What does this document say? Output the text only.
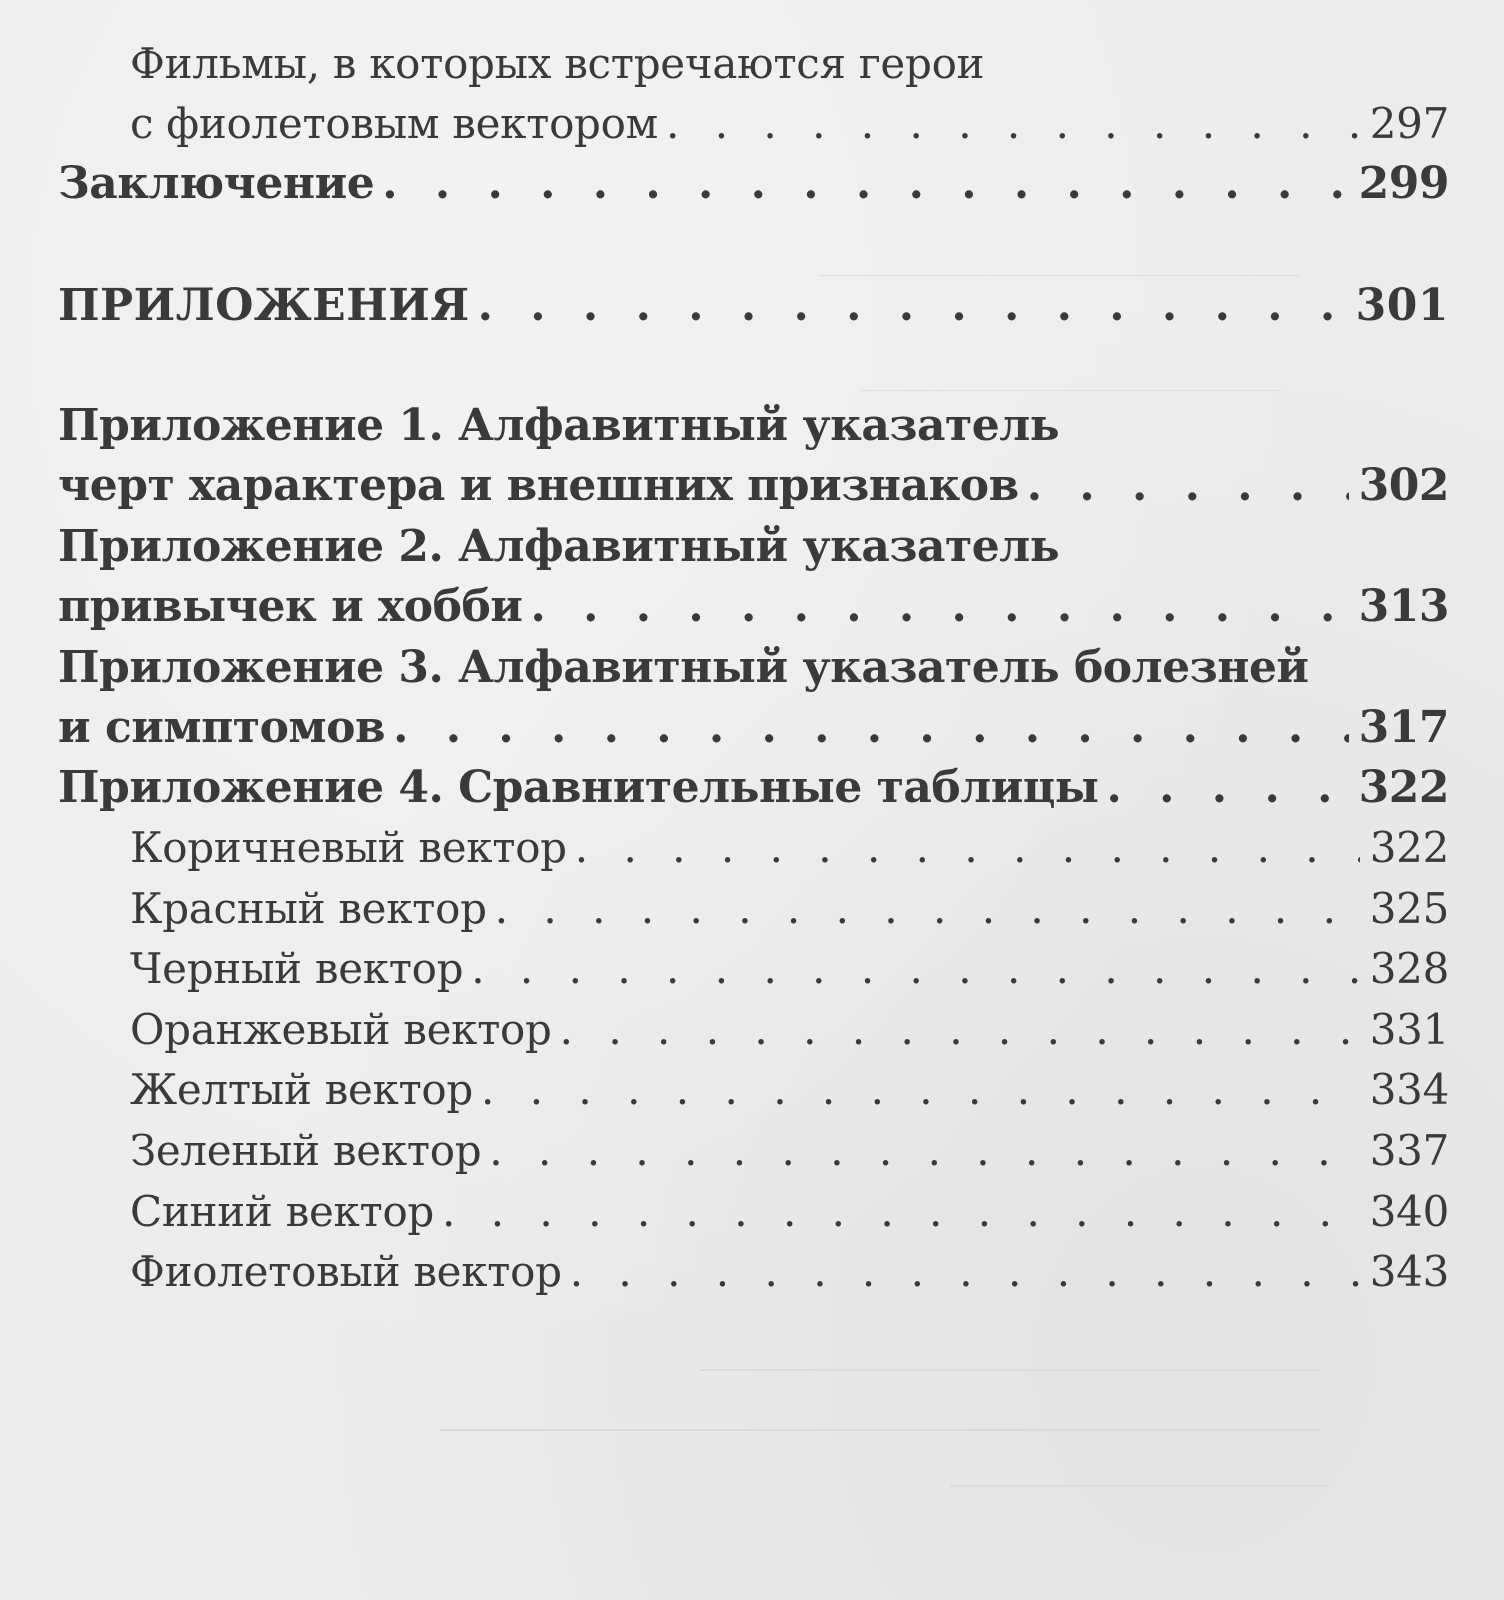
Фильмы, в которых встречаются герои
с фиолетовым вектором . . .	297
Заключение . . .	299
ПРИЛОЖЕНИЯ . . .	301
Приложение 1. Алфавитный указатель
черт характера и внешних признаков . . .	302
Приложение 2. Алфавитный указатель
привычек и хобби . . .	313
Приложение 3. Алфавитный указатель болезней
и симптомов . . .	317
Приложение 4. Сравнительные таблицы . . .	322
Коричневый вектор . . .	322
Красный вектор . . .	325
Черный вектор . . .	328
Оранжевый вектор . . .	331
Желтый вектор . . .	334
Зеленый вектор . . .	337
Синий вектор . . .	340
Фиолетовый вектор . . .	343
